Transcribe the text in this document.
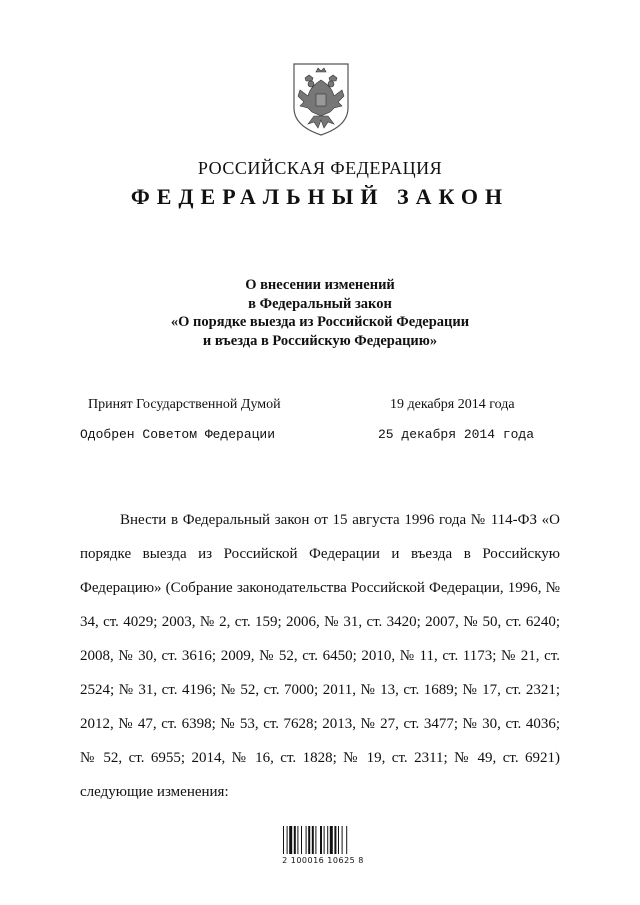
РОССИЙСКАЯ ФЕДЕРАЦИЯ
ФЕДЕРАЛЬНЫЙ ЗАКОН
О внесении изменений
в Федеральный закон
«О порядке выезда из Российской Федерации
и въезда в Российскую Федерацию»
Принят Государственной Думой	19 декабря 2014 года
Одобрен Советом Федерации	25 декабря 2014 года
Внести в Федеральный закон от 15 августа 1996 года № 114-ФЗ «О порядке выезда из Российской Федерации и въезда в Российскую Федерацию» (Собрание законодательства Российской Федерации, 1996, № 34, ст. 4029; 2003, № 2, ст. 159; 2006, № 31, ст. 3420; 2007, № 50, ст. 6240; 2008, № 30, ст. 3616; 2009, № 52, ст. 6450; 2010, № 11, ст. 1173; № 21, ст. 2524; № 31, ст. 4196; № 52, ст. 7000; 2011, № 13, ст. 1689; № 17, ст. 2321; 2012, № 47, ст. 6398; № 53, ст. 7628; 2013, № 27, ст. 3477; № 30, ст. 4036; № 52, ст. 6955; 2014, № 16, ст. 1828; № 19, ст. 2311; № 49, ст. 6921) следующие изменения:
2 100016 10625 8
